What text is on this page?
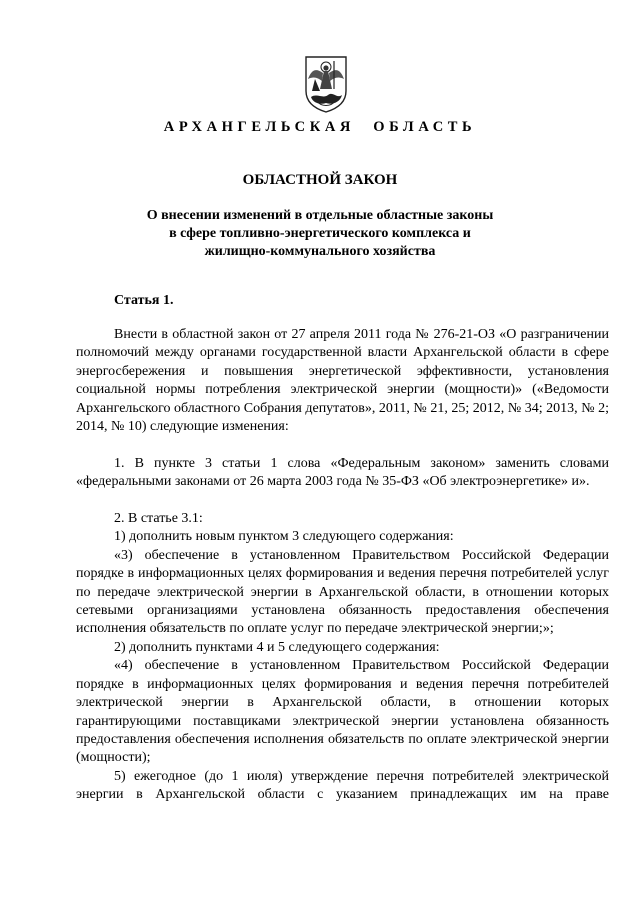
АРХАНГЕЛЬСКАЯ ОБЛАСТЬ
ОБЛАСТНОЙ ЗАКОН
О внесении изменений в отдельные областные законы
в сфере топливно-энергетического комплекса и
жилищно-коммунального хозяйства
Статья 1.
Внести в областной закон от 27 апреля 2011 года № 276-21-ОЗ «О разграничении полномочий между органами государственной власти Архангельской области в сфере энергосбережения и повышения энергетической эффективности, установления социальной нормы потребления электрической энергии (мощности)» («Ведомости Архангельского областного Собрания депутатов», 2011, № 21, 25; 2012, № 34; 2013, № 2; 2014, № 10) следующие изменения:
1. В пункте 3 статьи 1 слова «Федеральным законом» заменить словами «федеральными законами от 26 марта 2003 года № 35-ФЗ «Об электроэнергетике» и».
2. В статье 3.1:
1) дополнить новым пунктом 3 следующего содержания:
«3) обеспечение в установленном Правительством Российской Федерации порядке в информационных целях формирования и ведения перечня потребителей услуг по передаче электрической энергии в Архангельской области, в отношении которых сетевыми организациями установлена обязанность предоставления обеспечения исполнения обязательств по оплате услуг по передаче электрической энергии;»;
2) дополнить пунктами 4 и 5 следующего содержания:
«4) обеспечение в установленном Правительством Российской Федерации порядке в информационных целях формирования и ведения перечня потребителей электрической энергии в Архангельской области, в отношении которых гарантирующими поставщиками электрической энергии установлена обязанность предоставления обеспечения исполнения обязательств по оплате электрической энергии (мощности);
5) ежегодное (до 1 июля) утверждение перечня потребителей электрической энергии в Архангельской области с указанием принадлежащих им на праве
